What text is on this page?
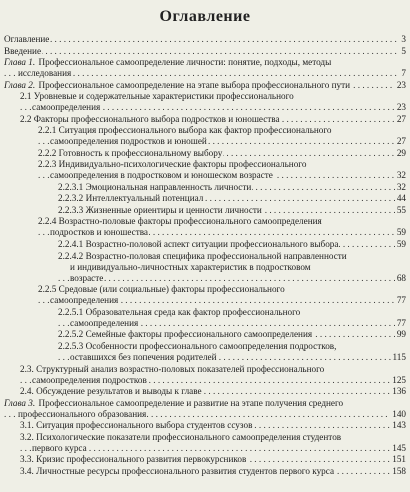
Оглавление
Оглавление . . .	3
Введение . . .	5
Глава 1. Профессиональное самоопределение личности: понятие, подходы, методы
исследования . . .	7
Глава 2. Профессиональное самоопределение на этапе выбора профессионального пути . . .	23
2.1 Уровневые и содержательные характеристики профессионального
самоопределения . . .	23
2.2 Факторы профессионального выбора подростков и юношества . . .	27
2.2.1 Ситуация профессионального выбора как фактор профессионального
самоопределения подростков и юношей . . .	27
2.2.2 Готовность к профессиональному выбору . . .	29
2.2.3 Индивидуально-психологические факторы профессионального
самоопределения в подростковом и юношеском возрасте . . .	32
2.2.3.1 Эмоциональная направленность личности . . .	32
2.2.3.2 Интеллектуальный потенциал . . .	44
2.2.3.3 Жизненные ориентиры и ценности личности . . .	55
2.2.4 Возрастно-половые факторы профессионального самоопределения
подростков и юношества . . .	59
2.2.4.1 Возрастно-половой аспект ситуации профессионального выбора . . .	59
2.2.4.2 Возрастно-половая специфика профессиональной направленности
и индивидуально-личностных характеристик в подростковом
возрасте . . .	68
2.2.5 Средовые (или социальные) факторы профессионального
самоопределения . . .	77
2.2.5.1 Образовательная среда как фактор профессионального
самоопределения . . .	77
2.2.5.2 Семейные факторы профессионального самоопределения . . .	99
2.2.5.3 Особенности профессионального самоопределения подростков,
оставшихся без попечения родителей . . .	115
2.3. Структурный анализ возрастно-половых показателей профессионального
самоопределения подростков . . .	125
2.4. Обсуждение результатов и выводы к главе . . .	136
Глава 3. Профессиональное самоопределение и развитие на этапе получения среднего
профессионального образования . . .	140
3.1. Ситуация профессионального выбора студентов ссузов . . .	143
3.2. Психологические показатели профессионального самоопределения студентов
первого курса . . .	145
3.3. Кризис профессионального развития первокурсников . . .	151
3.4. Личностные ресурсы профессионального развития студентов первого курса . . .	158
